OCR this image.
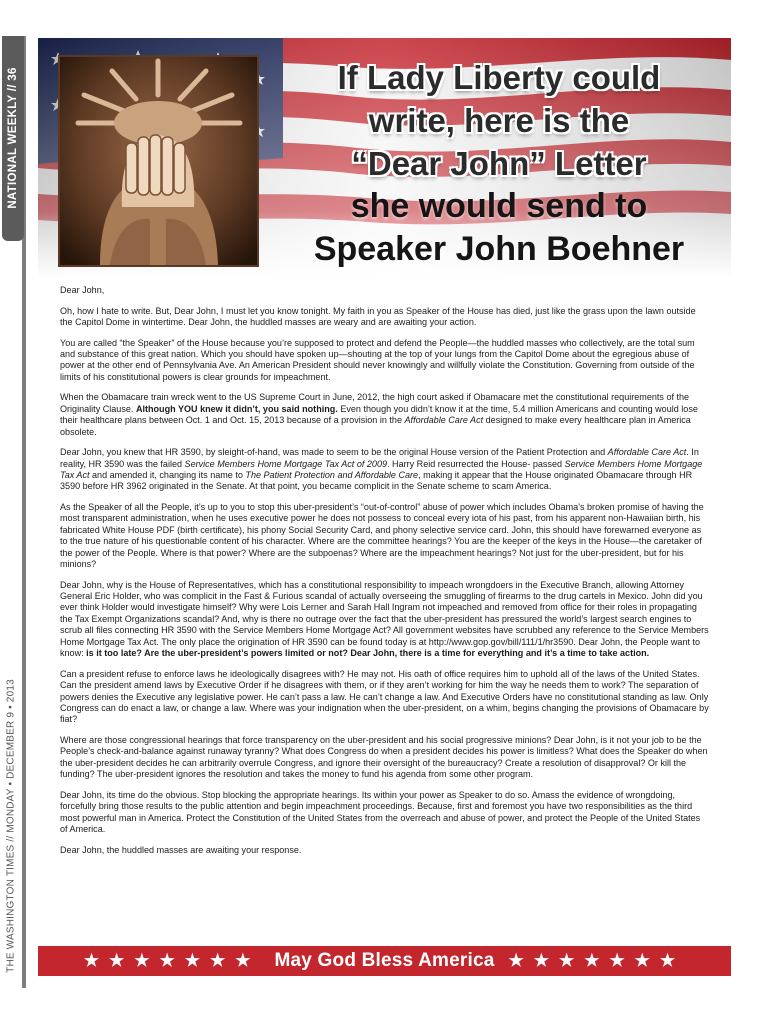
NATIONAL WEEKLY // 36
THE WASHINGTON TIMES // MONDAY • DECEMBER 9 • 2013
If Lady Liberty could
write, here is the
“Dear John” Letter
she would send to
Speaker John Boehner

Dear John,

Oh, how I hate to write. But, Dear John, I must let you know tonight. My faith in you as Speaker of the House has died, just like the grass upon the lawn outside the Capitol Dome in wintertime. Dear John, the huddled masses are weary and are awaiting your action.

You are called “the Speaker” of the House because you’re supposed to protect and defend the People—the huddled masses who collectively, are the total sum and substance of this great nation. Which you should have spoken up—shouting at the top of your lungs from the Capitol Dome about the egregious abuse of power at the other end of Pennsylvania Ave. An American President should never knowingly and willfully violate the Constitution. Governing from outside of the limits of his constitutional powers is clear grounds for impeachment.

When the Obamacare train wreck went to the US Supreme Court in June, 2012, the high court asked if Obamacare met the constitutional requirements of the Originality Clause. Although YOU knew it didn’t, you said nothing. Even though you didn’t know it at the time, 5.4 million Americans and counting would lose their healthcare plans between Oct. 1 and Oct. 15, 2013 because of a provision in the Affordable Care Act designed to make every healthcare plan in America obsolete.

Dear John, you knew that HR 3590, by sleight-of-hand, was made to seem to be the original House version of the Patient Protection and Affordable Care Act. In reality, HR 3590 was the failed Service Members Home Mortgage Tax Act of 2009. Harry Reid resurrected the House- passed Service Members Home Mortgage Tax Act and amended it, changing its name to The Patient Protection and Affordable Care, making it appear that the House originated Obamacare through HR 3590 before HR 3962 originated in the Senate. At that point, you became complicit in the Senate scheme to scam America.

As the Speaker of all the People, it’s up to you to stop this uber-president’s “out-of-control” abuse of power which includes Obama’s broken promise of having the most transparent administration, when he uses executive power he does not possess to conceal every iota of his past, from his apparent non-Hawaiian birth, his fabricated White House PDF (birth certificate), his phony Social Security Card, and phony selective service card. John, this should have forewarned everyone as to the true nature of his questionable content of his character. Where are the committee hearings? You are the keeper of the keys in the House—the caretaker of the power of the People. Where is that power? Where are the subpoenas? Where are the impeachment hearings? Not just for the uber-president, but for his minions?

Dear John, why is the House of Representatives, which has a constitutional responsibility to impeach wrongdoers in the Executive Branch, allowing Attorney General Eric Holder, who was complicit in the Fast & Furious scandal of actually overseeing the smuggling of firearms to the drug cartels in Mexico. John did you ever think Holder would investigate himself? Why were Lois Lerner and Sarah Hall Ingram not impeached and removed from office for their roles in propagating the Tax Exempt Organizations scandal? And, why is there no outrage over the fact that the uber-president has pressured the world’s largest search engines to scrub all files connecting HR 3590 with the Service Members Home Mortgage Act? All government websites have scrubbed any reference to the Service Members Home Mortgage Tax Act. The only place the origination of HR 3590 can be found today is at http://www.gop.gov/bill/111/1/hr3590. Dear John, the People want to know: is it too late? Are the uber-president’s powers limited or not? Dear John, there is a time for everything and it’s a time to take action.

Can a president refuse to enforce laws he ideologically disagrees with? He may not. His oath of office requires him to uphold all of the laws of the United States. Can the president amend laws by Executive Order if he disagrees with them, or if they aren’t working for him the way he needs them to work? The separation of powers denies the Executive any legislative power. He can’t pass a law. He can’t change a law. And Executive Orders have no constitutional standing as law. Only Congress can do enact a law, or change a law. Where was your indignation when the uber-president, on a whim, begins changing the provisions of Obamacare by fiat?

Where are those congressional hearings that force transparency on the uber-president and his social progressive minions? Dear John, is it not your job to be the People’s check-and-balance against runaway tyranny? What does Congress do when a president decides his power is limitless? What does the Speaker do when the uber-president decides he can arbitrarily overrule Congress, and ignore their oversight of the bureaucracy? Create a resolution of disapproval? Or kill the funding? The uber-president ignores the resolution and takes the money to fund his agenda from some other program.

Dear John, its time do the obvious. Stop blocking the appropriate hearings. Its within your power as Speaker to do so. Amass the evidence of wrongdoing, forcefully bring those results to the public attention and begin impeachment proceedings. Because, first and foremost you have two responsibilities as the third most powerful man in America. Protect the Constitution of the United States from the overreach and abuse of power, and protect the People of the United States of America.

Dear John, the huddled masses are awaiting your response.

★★★★★★★ May God Bless America ★★★★★★★
